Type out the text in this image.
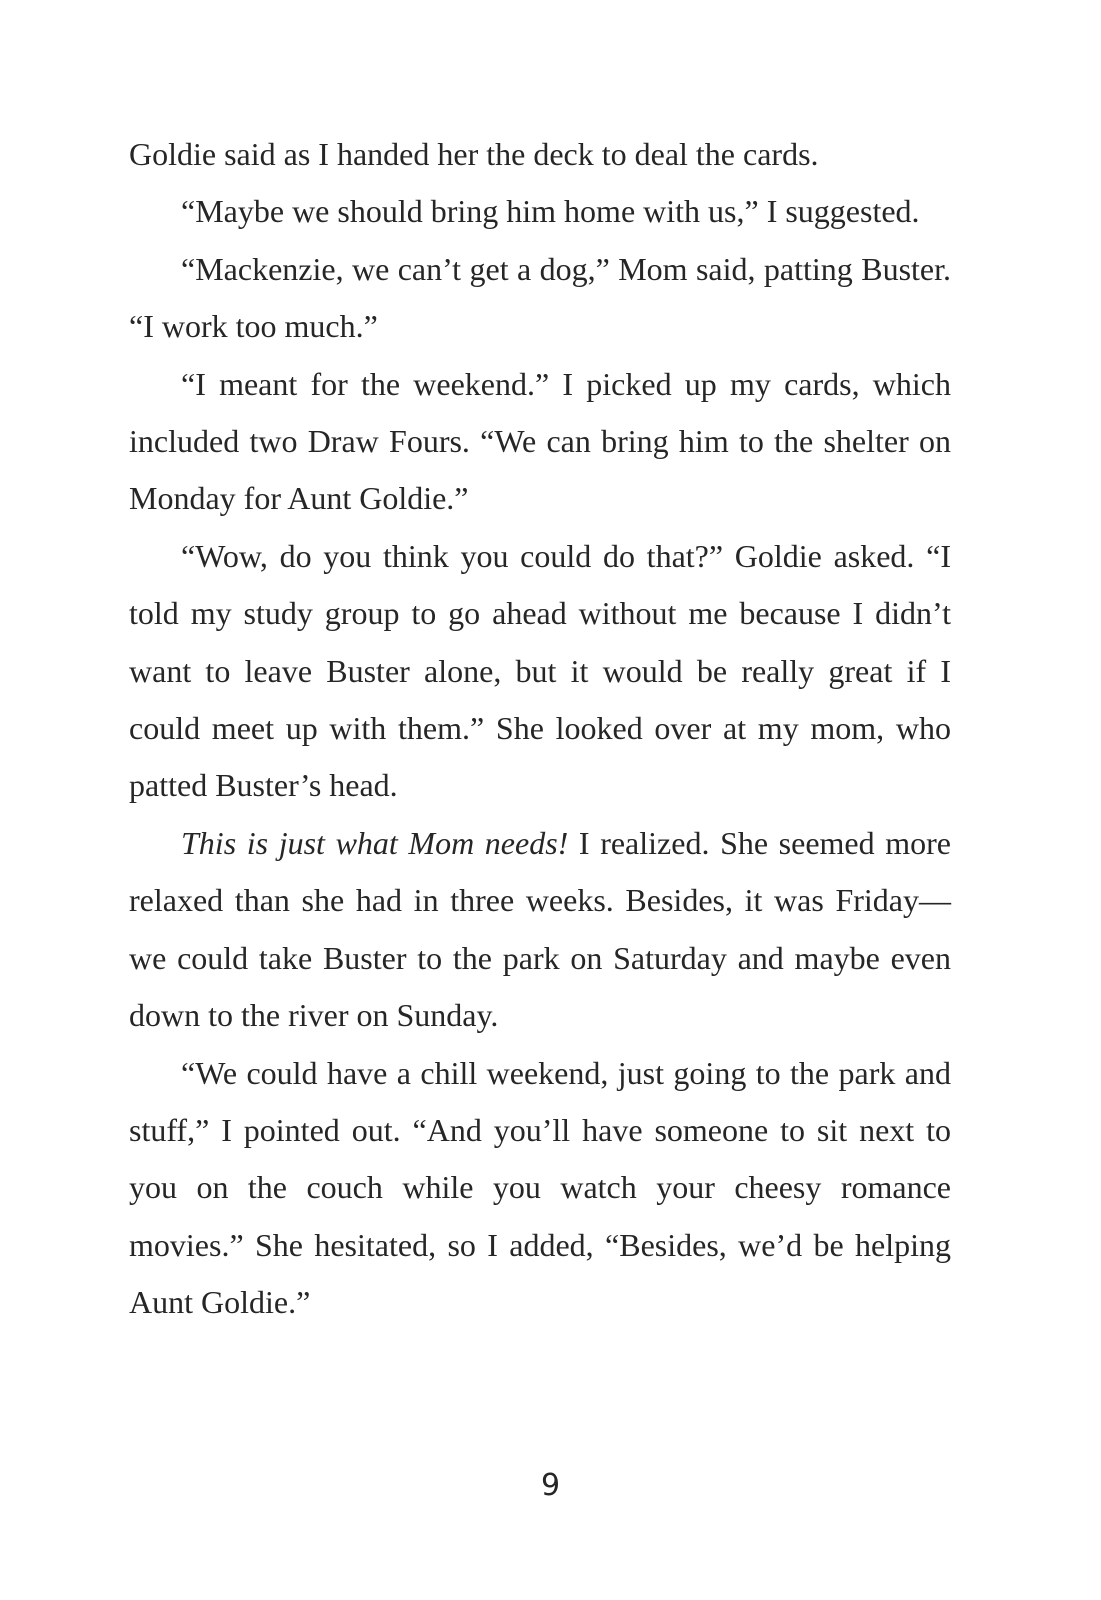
Goldie said as I handed her the deck to deal the cards.

“Maybe we should bring him home with us,” I suggested.

“Mackenzie, we can’t get a dog,” Mom said, patting Buster. “I work too much.”

“I meant for the weekend.” I picked up my cards, which included two Draw Fours. “We can bring him to the shelter on Monday for Aunt Goldie.”

“Wow, do you think you could do that?” Goldie asked. “I told my study group to go ahead without me because I didn’t want to leave Buster alone, but it would be really great if I could meet up with them.” She looked over at my mom, who patted Buster’s head.

This is just what Mom needs! I realized. She seemed more relaxed than she had in three weeks. Besides, it was Friday—we could take Buster to the park on Saturday and maybe even down to the river on Sunday.

“We could have a chill weekend, just going to the park and stuff,” I pointed out. “And you’ll have someone to sit next to you on the couch while you watch your cheesy romance movies.” She hesitated, so I added, “Besides, we’d be helping Aunt Goldie.”

9
